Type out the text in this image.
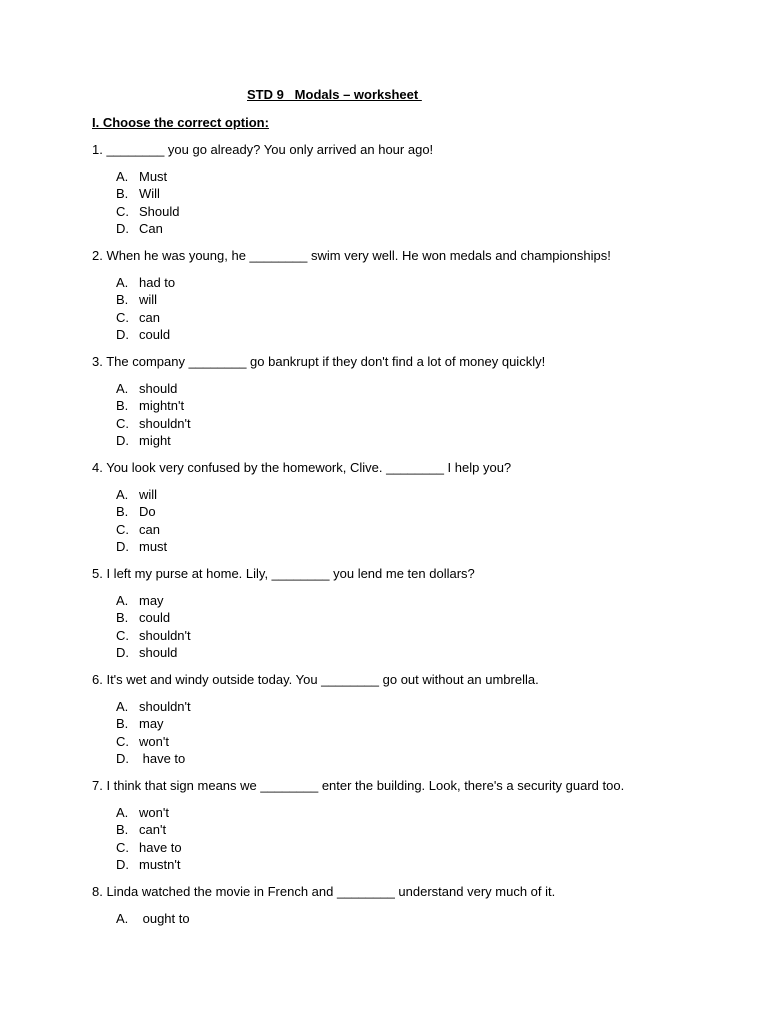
STD 9   Modals – worksheet
I. Choose the correct option:
1. ________ you go already? You only arrived an hour ago!
A. Must
B. Will
C. Should
D. Can
2. When he was young, he ________ swim very well. He won medals and championships!
A. had to
B. will
C. can
D. could
3. The company ________ go bankrupt if they don't find a lot of money quickly!
A. should
B. mightn't
C. shouldn't
D. might
4. You look very confused by the homework, Clive. ________ I help you?
A. will
B. Do
C. can
D. must
5. I left my purse at home. Lily, ________ you lend me ten dollars?
A. may
B. could
C. shouldn't
D. should
6. It's wet and windy outside today. You ________ go out without an umbrella.
A. shouldn't
B. may
C. won't
D. have to
7. I think that sign means we ________ enter the building. Look, there's a security guard too.
A. won't
B. can't
C. have to
D. mustn't
8. Linda watched the movie in French and ________ understand very much of it.
A. ought to
